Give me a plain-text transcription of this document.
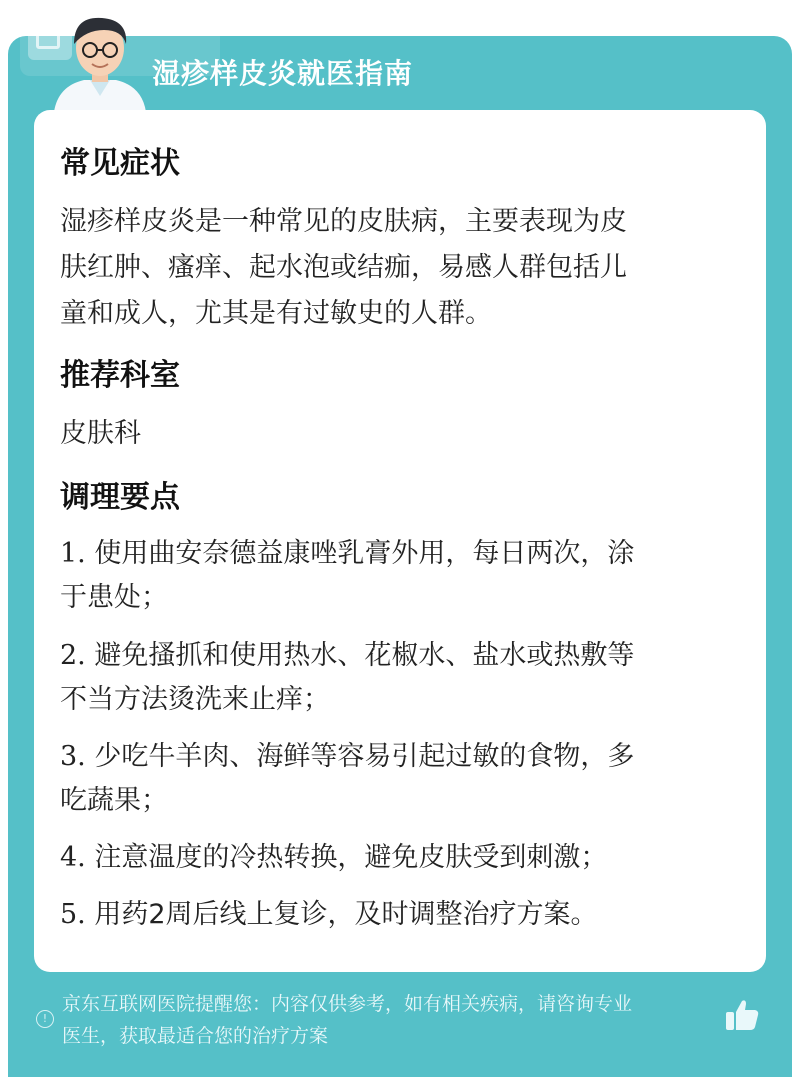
湿疹样皮炎就医指南
常见症状
湿疹样皮炎是一种常见的皮肤病，主要表现为皮
肤红肿、瘙痒、起水泡或结痂，易感人群包括儿
童和成人，尤其是有过敏史的人群。
推荐科室
皮肤科
调理要点
1. 使用曲安奈德益康唑乳膏外用，每日两次，涂
于患处；
2. 避免搔抓和使用热水、花椒水、盐水或热敷等
不当方法烫洗来止痒；
3. 少吃牛羊肉、海鲜等容易引起过敏的食物，多
吃蔬果；
4. 注意温度的冷热转换，避免皮肤受到刺激；
5. 用药2周后线上复诊，及时调整治疗方案。
!
京东互联网医院提醒您：内容仅供参考，如有相关疾病，请咨询专业
医生，获取最适合您的治疗方案
